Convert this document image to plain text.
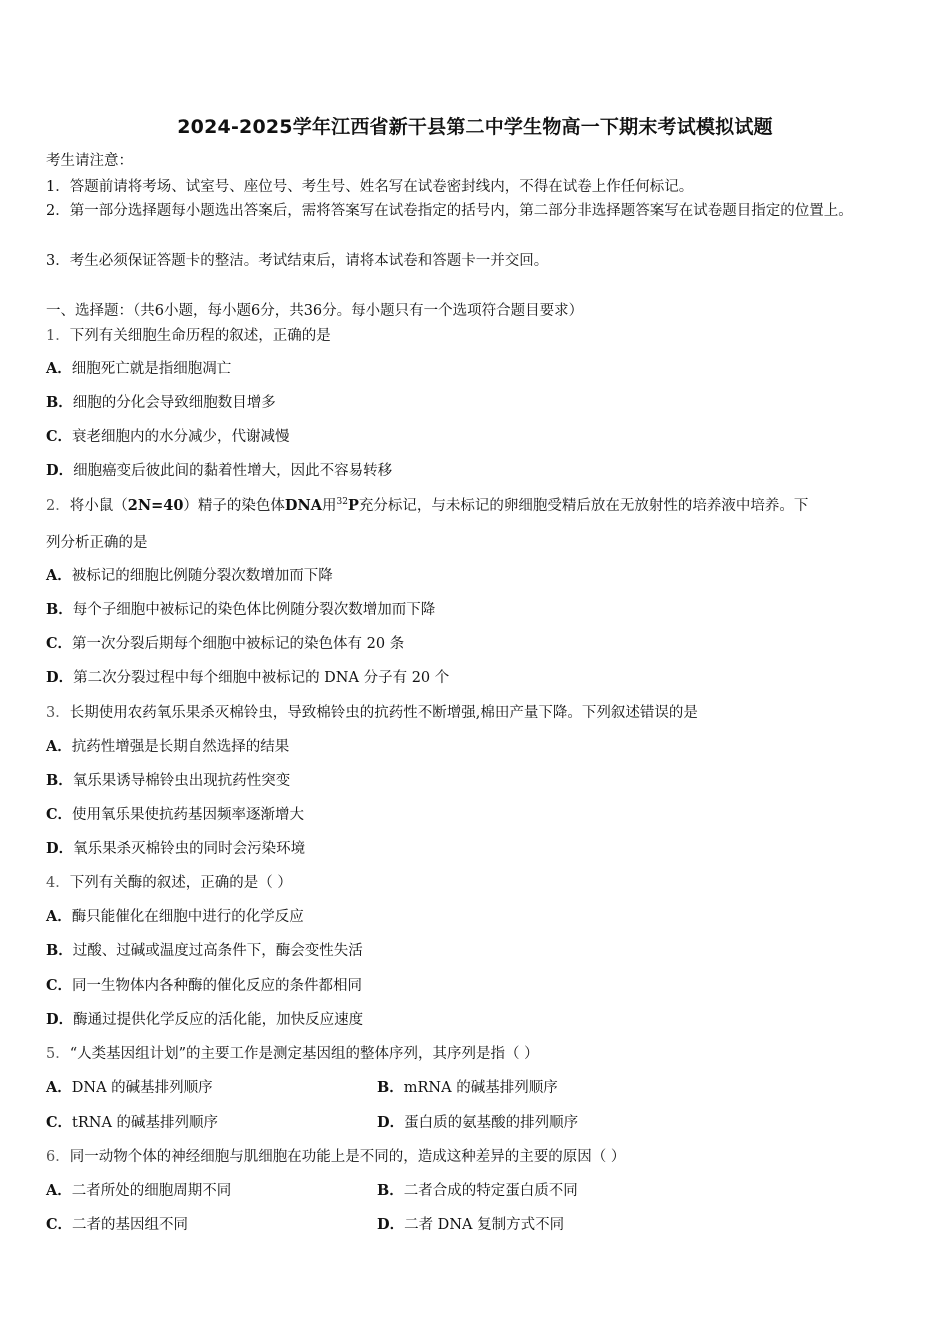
2024-2025学年江西省新干县第二中学生物高一下期末考试模拟试题
考生请注意：
1．答题前请将考场、试室号、座位号、考生号、姓名写在试卷密封线内，不得在试卷上作任何标记。
2．第一部分选择题每小题选出答案后，需将答案写在试卷指定的括号内，第二部分非选择题答案写在试卷题目指定的位置上。
3．考生必须保证答题卡的整洁。考试结束后，请将本试卷和答题卡一并交回。
一、选择题：（共6小题，每小题6分，共36分。每小题只有一个选项符合题目要求）
1．下列有关细胞生命历程的叙述，正确的是
A．细胞死亡就是指细胞凋亡
B．细胞的分化会导致细胞数目增多
C．衰老细胞内的水分减少，代谢减慢
D．细胞癌变后彼此间的黏着性增大，因此不容易转移
2．将小鼠（2N=40）精子的染色体DNA用$^{32}$P充分标记，与未标记的卵细胞受精后放在无放射性的培养液中培养。下
列分析正确的是
A．被标记的细胞比例随分裂次数增加而下降
B．每个子细胞中被标记的染色体比例随分裂次数增加而下降
C．第一次分裂后期每个细胞中被标记的染色体有 20 条
D．第二次分裂过程中每个细胞中被标记的 DNA 分子有 20 个
3．长期使用农药氧乐果杀灭棉铃虫，导致棉铃虫的抗药性不断增强,棉田产量下降。下列叙述错误的是
A．抗药性增强是长期自然选择的结果
B．氧乐果诱导棉铃虫出现抗药性突变
C．使用氧乐果使抗药基因频率逐渐增大
D．氧乐果杀灭棉铃虫的同时会污染环境
4．下列有关酶的叙述，正确的是（ ）
A．酶只能催化在细胞中进行的化学反应
B．过酸、过碱或温度过高条件下，酶会变性失活
C．同一生物体内各种酶的催化反应的条件都相同
D．酶通过提供化学反应的活化能，加快反应速度
5．“人类基因组计划”的主要工作是测定基因组的整体序列，其序列是指（ ）
A．DNA 的碱基排列顺序	B．mRNA 的碱基排列顺序
C．tRNA 的碱基排列顺序	D．蛋白质的氨基酸的排列顺序
6．同一动物个体的神经细胞与肌细胞在功能上是不同的，造成这种差异的主要的原因（ ）
A．二者所处的细胞周期不同	B．二者合成的特定蛋白质不同
C．二者的基因组不同	D．二者 DNA 复制方式不同
